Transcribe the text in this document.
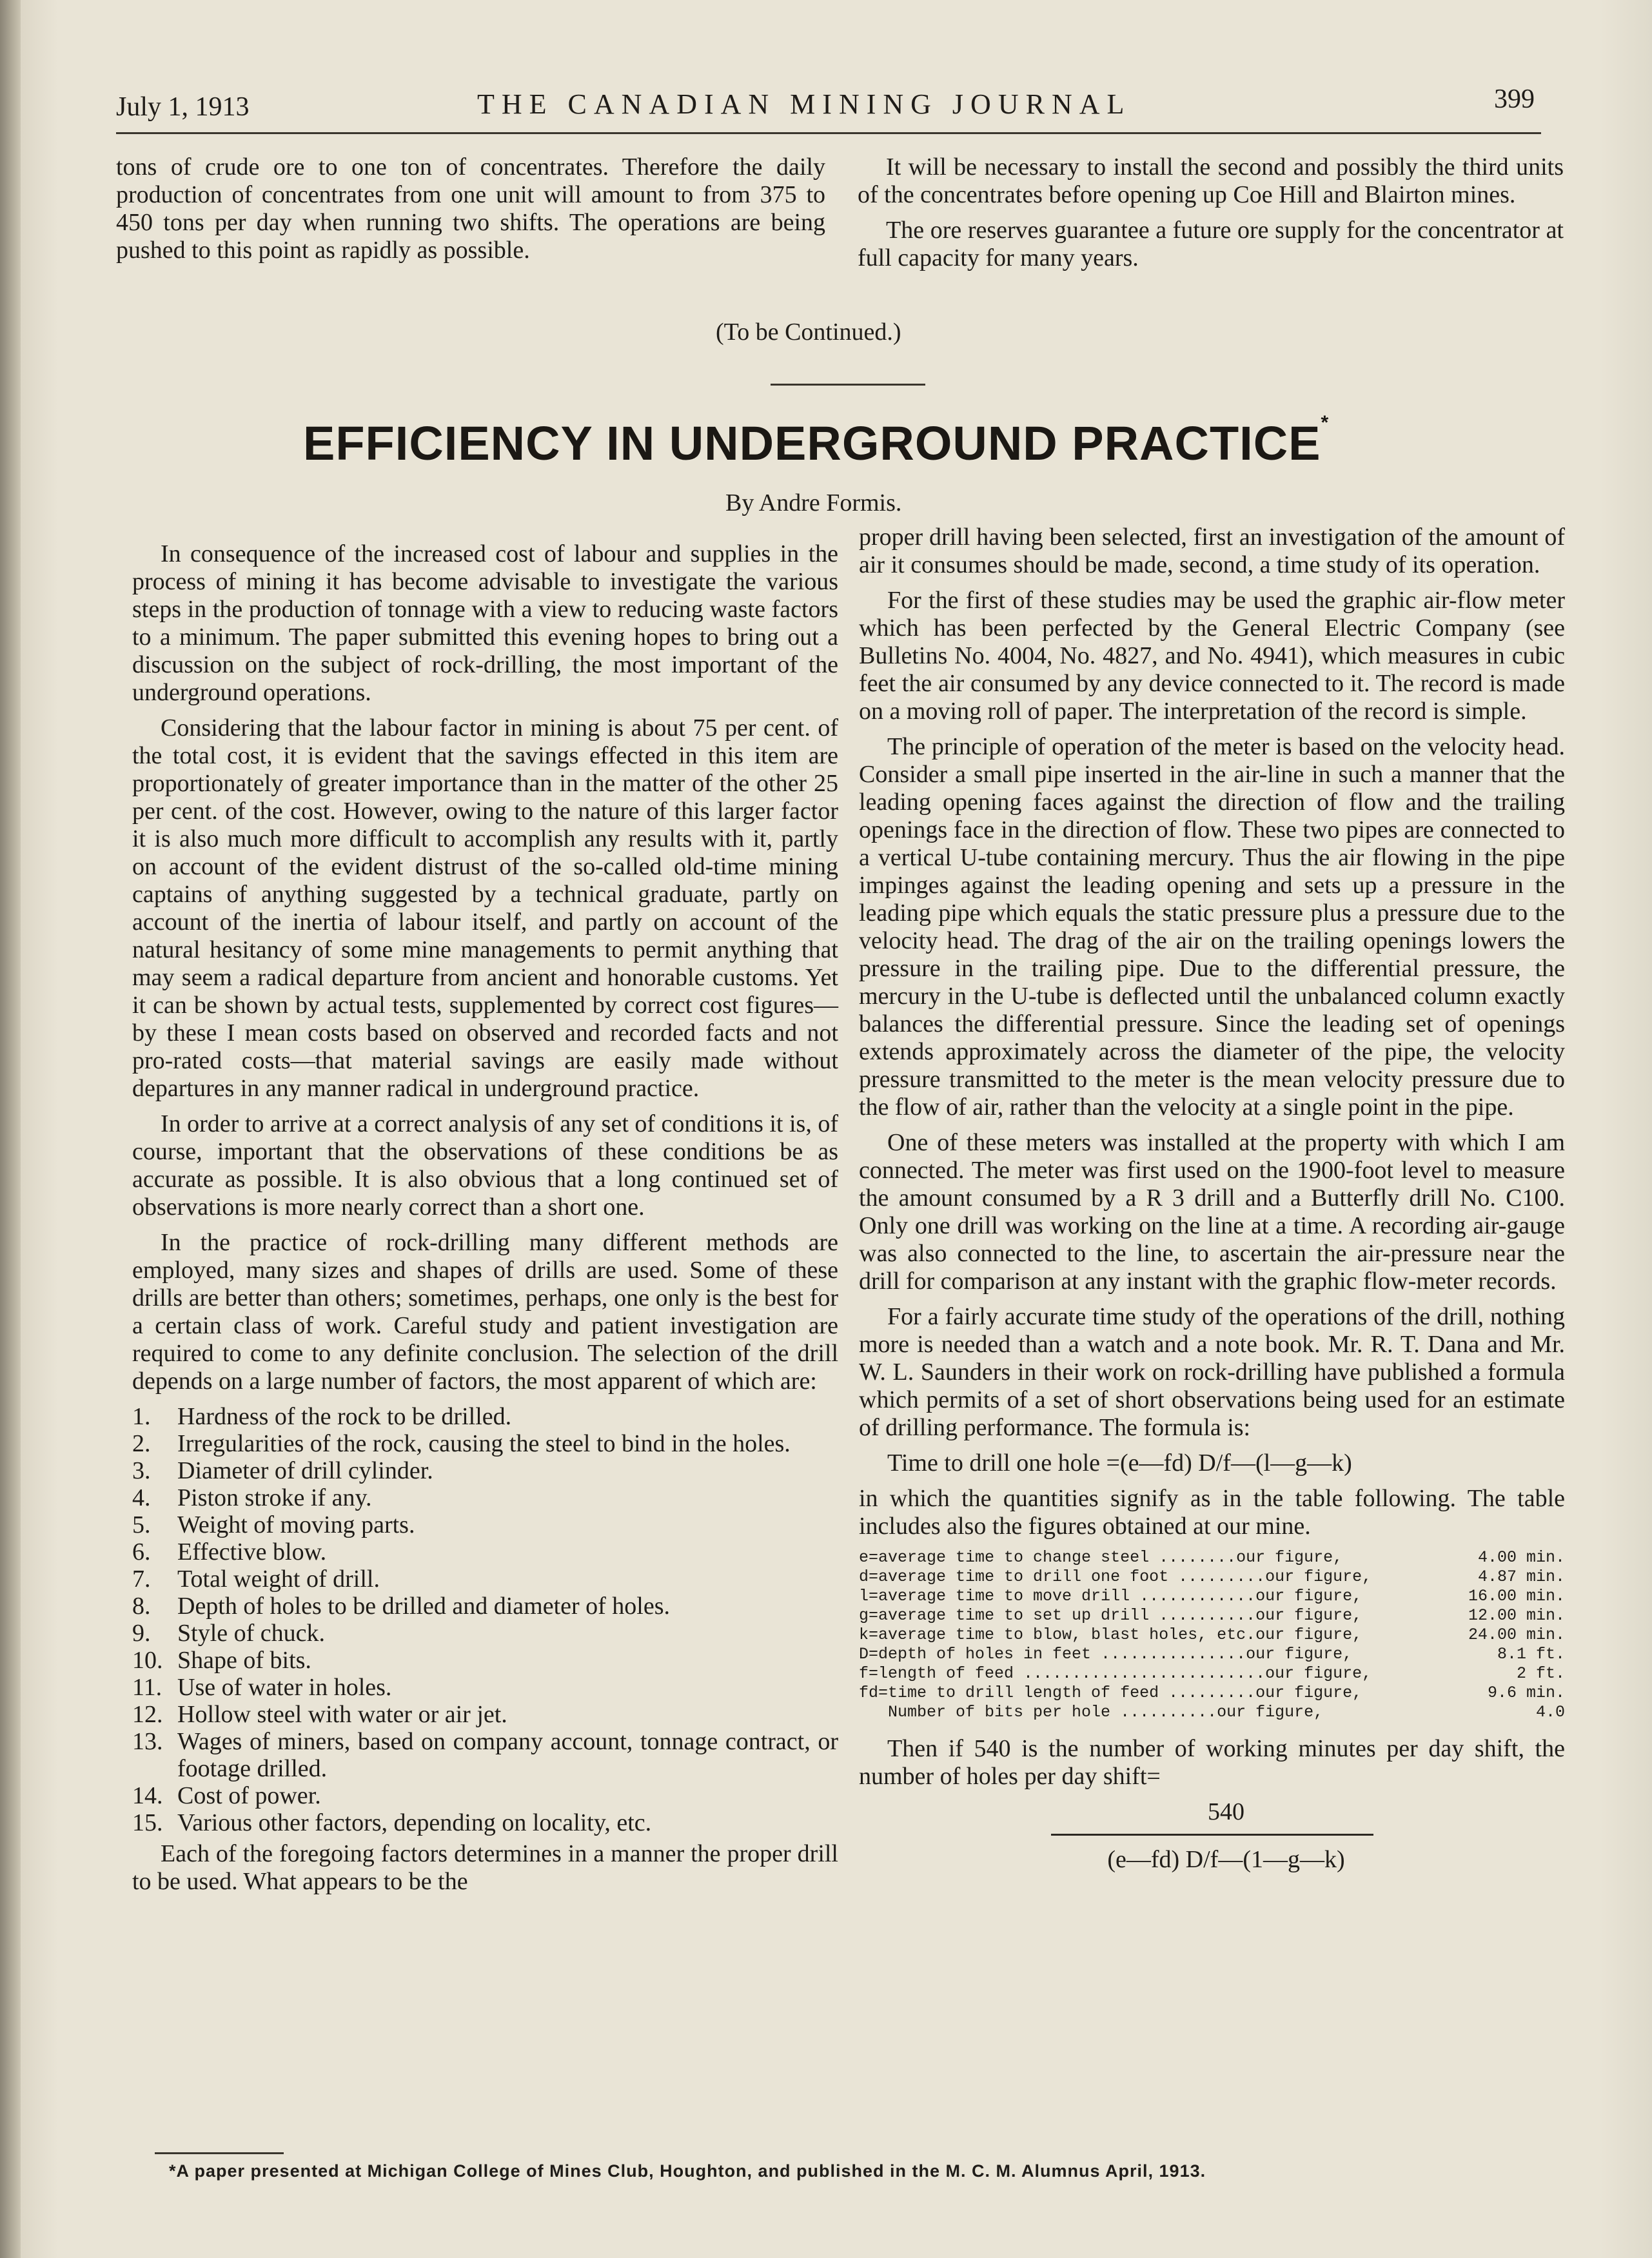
July 1, 1913	THE CANADIAN MINING JOURNAL	399

tons of crude ore to one ton of concentrates. Therefore the daily production of concentrates from one unit will amount to from 375 to 450 tons per day when running two shifts. The operations are being pushed to this point as rapidly as possible.

It will be necessary to install the second and possibly the third units of the concentrates before opening up Coe Hill and Blairton mines.

The ore reserves guarantee a future ore supply for the concentrator at full capacity for many years.

(To be Continued.)
EFFICIENCY IN UNDERGROUND PRACTICE*
By Andre Formis.

In consequence of the increased cost of labour and supplies in the process of mining it has become advisable to investigate the various steps in the production of tonnage with a view to reducing waste factors to a minimum. The paper submitted this evening hopes to bring out a discussion on the subject of rock-drilling, the most important of the underground operations.

Considering that the labour factor in mining is about 75 per cent. of the total cost, it is evident that the savings effected in this item are proportionately of greater importance than in the matter of the other 25 per cent. of the cost. However, owing to the nature of this larger factor it is also much more difficult to accomplish any results with it, partly on account of the evident distrust of the so-called old-time mining captains of anything suggested by a technical graduate, partly on account of the inertia of labour itself, and partly on account of the natural hesitancy of some mine managements to permit anything that may seem a radical departure from ancient and honorable customs. Yet it can be shown by actual tests, supplemented by correct cost figures—by these I mean costs based on observed and recorded facts and not pro-rated costs—that material savings are easily made without departures in any manner radical in underground practice.

In order to arrive at a correct analysis of any set of conditions it is, of course, important that the observations of these conditions be as accurate as possible. It is also obvious that a long continued set of observations is more nearly correct than a short one.

In the practice of rock-drilling many different methods are employed, many sizes and shapes of drills are used. Some of these drills are better than others; sometimes, perhaps, one only is the best for a certain class of work. Careful study and patient investigation are required to come to any definite conclusion. The selection of the drill depends on a large number of factors, the most apparent of which are:

1.	Hardness of the rock to be drilled.
2.	Irregularities of the rock, causing the steel to bind in the holes.
3.	Diameter of drill cylinder.
4.	Piston stroke if any.
5.	Weight of moving parts.
6.	Effective blow.
7.	Total weight of drill.
8.	Depth of holes to be drilled and diameter of holes.
9.	Style of chuck.
10. Shape of bits.
11. Use of water in holes.
12. Hollow steel with water or air jet.
13. Wages of miners, based on company account, tonnage contract, or footage drilled.
14. Cost of power.
15. Various other factors, depending on locality, etc.

Each of the foregoing factors determines in a manner the proper drill to be used. What appears to be the

proper drill having been selected, first an investigation of the amount of air it consumes should be made, second, a time study of its operation.

For the first of these studies may be used the graphic air-flow meter which has been perfected by the General Electric Company (see Bulletins No. 4004, No. 4827, and No. 4941), which measures in cubic feet the air consumed by any device connected to it. The record is made on a moving roll of paper. The interpretation of the record is simple.

The principle of operation of the meter is based on the velocity head. Consider a small pipe inserted in the air-line in such a manner that the leading opening faces against the direction of flow and the trailing openings face in the direction of flow. These two pipes are connected to a vertical U-tube containing mercury. Thus the air flowing in the pipe impinges against the leading opening and sets up a pressure in the leading pipe which equals the static pressure plus a pressure due to the velocity head. The drag of the air on the trailing openings lowers the pressure in the trailing pipe. Due to the differential pressure, the mercury in the U-tube is deflected until the unbalanced column exactly balances the differential pressure. Since the leading set of openings extends approximately across the diameter of the pipe, the velocity pressure transmitted to the meter is the mean velocity pressure due to the flow of air, rather than the velocity at a single point in the pipe.

One of these meters was installed at the property with which I am connected. The meter was first used on the 1900-foot level to measure the amount consumed by a R 3 drill and a Butterfly drill No. C100. Only one drill was working on the line at a time. A recording air-gauge was also connected to the line, to ascertain the air-pressure near the drill for comparison at any instant with the graphic flow-meter records.

For a fairly accurate time study of the operations of the drill, nothing more is needed than a watch and a note book. Mr. R. T. Dana and Mr. W. L. Saunders in their work on rock-drilling have published a formula which permits of a set of short observations being used for an estimate of drilling performance. The formula is:

Time to drill one hole =(e—fd) D/f—(l—g—k)

in which the quantities signify as in the table following. The table includes also the figures obtained at our mine.

e=average time to change steel ........our figure,	4.00 min.
d=average time to drill one foot .........our figure,	4.87 min.
l=average time to move drill ............our figure,	16.00 min.
g=average time to set up drill ..........our figure,	12.00 min.
k=average time to blow, blast holes, etc.our figure,	24.00 min.
D=depth of holes in feet ...............our figure,	8.1 ft.
f=length of feed .........................our figure,	2 ft.
fd=time to drill length of feed .........our figure,	9.6 min.
Number of bits per hole ..........our figure,	4.0

Then if 540 is the number of working minutes per day shift, the number of holes per day shift=

540

(e—fd) D/f—(1—g—k)

*A paper presented at Michigan College of Mines Club, Houghton, and published in the M. C. M. Alumnus April, 1913.
